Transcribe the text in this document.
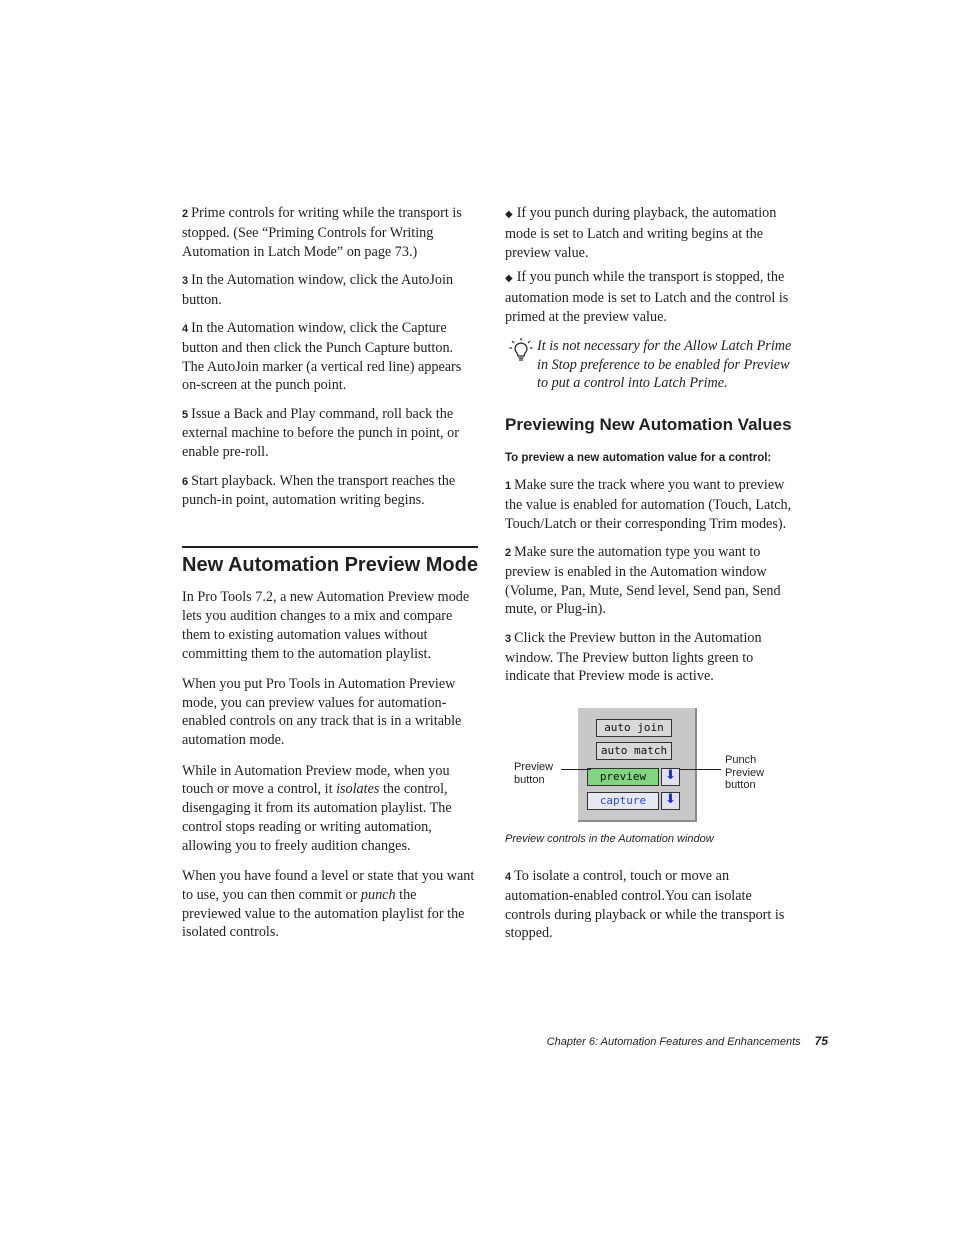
2 Prime controls for writing while the transport is stopped. (See “Priming Controls for Writing Automation in Latch Mode” on page 73.)

3 In the Automation window, click the AutoJoin button.

4 In the Automation window, click the Capture button and then click the Punch Capture button. The AutoJoin marker (a vertical red line) appears on-screen at the punch point.

5 Issue a Back and Play command, roll back the external machine to before the punch in point, or enable pre-roll.

6 Start playback. When the transport reaches the punch-in point, automation writing begins.

New Automation Preview Mode

In Pro Tools 7.2, a new Automation Preview mode lets you audition changes to a mix and compare them to existing automation values without committing them to the automation playlist.

When you put Pro Tools in Automation Preview mode, you can preview values for automation-enabled controls on any track that is in a writable automation mode.

While in Automation Preview mode, when you touch or move a control, it isolates the control, disengaging it from its automation playlist. The control stops reading or writing automation, allowing you to freely audition changes.

When you have found a level or state that you want to use, you can then commit or punch the previewed value to the automation playlist for the isolated controls.

◆ If you punch during playback, the automation mode is set to Latch and writing begins at the preview value.

◆ If you punch while the transport is stopped, the automation mode is set to Latch and the control is primed at the preview value.

It is not necessary for the Allow Latch Prime in Stop preference to be enabled for Preview to put a control into Latch Prime.

Previewing New Automation Values

To preview a new automation value for a control:

1 Make sure the track where you want to preview the value is enabled for automation (Touch, Latch, Touch/Latch or their corresponding Trim modes).

2 Make sure the automation type you want to preview is enabled in the Automation window (Volume, Pan, Mute, Send level, Send pan, Send mute, or Plug-in).

3 Click the Preview button in the Automation window. The Preview button lights green to indicate that Preview mode is active.

auto join
auto match
preview	⬇
capture	⬇
Preview
button
Punch
Preview
button

Preview controls in the Automation window

4 To isolate a control, touch or move an automation-enabled control.You can isolate controls during playback or while the transport is stopped.

Chapter 6: Automation Features and Enhancements 75
